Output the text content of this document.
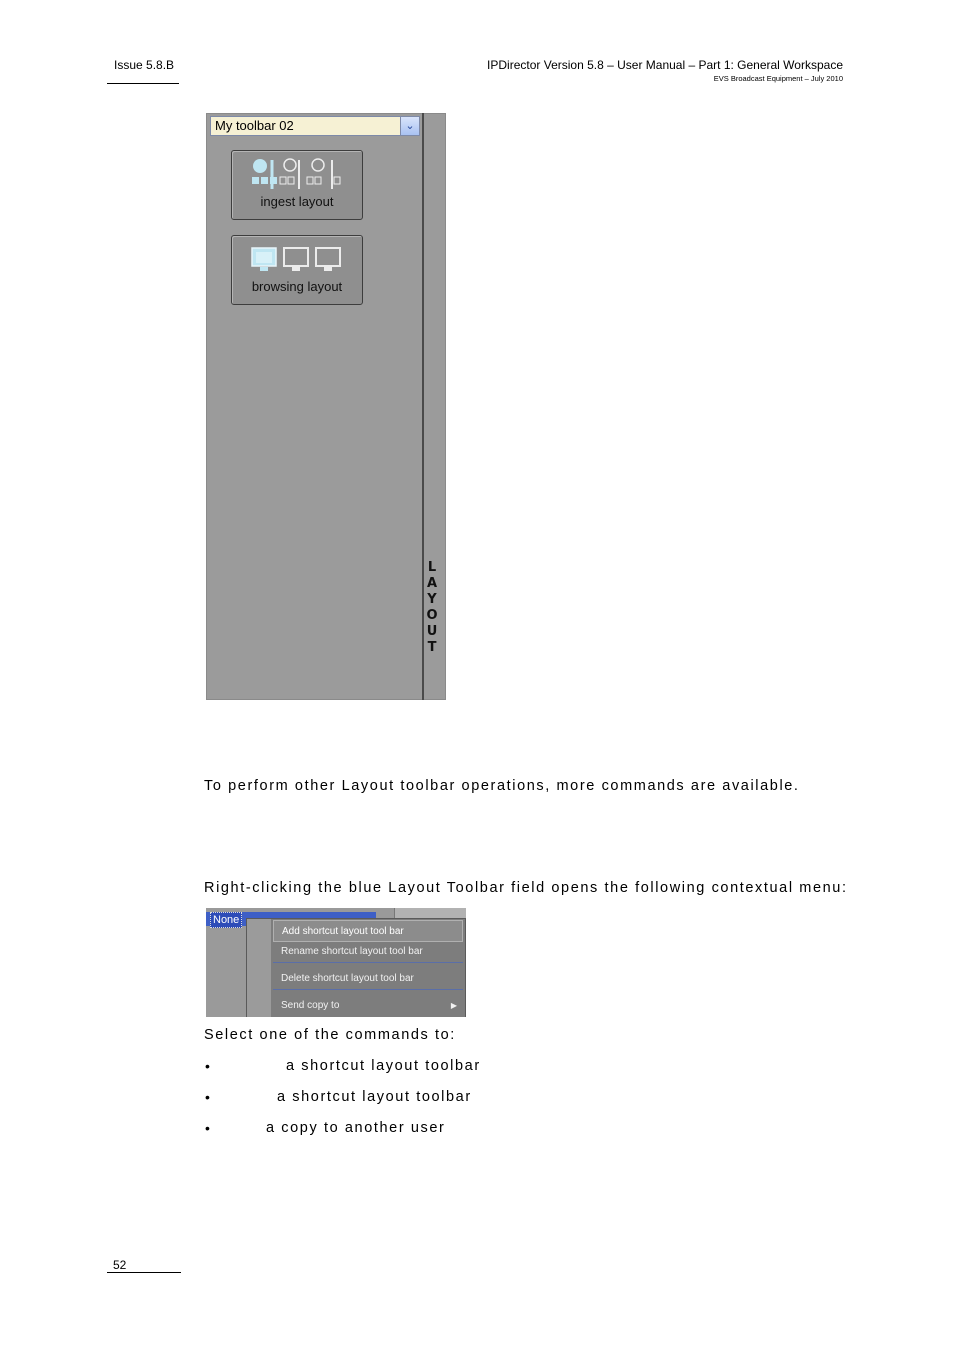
Issue 5.8.B	IPDirector Version 5.8 – User Manual – Part 1: General Workspace
EVS Broadcast Equipment – July 2010
My toolbar 02	⌄
ingest layout
browsing layout
L
A
Y
O
U
T
To perform other Layout toolbar operations, more commands are available.
Right-clicking the blue Layout Toolbar field opens the following contextual menu:
None
Add shortcut layout tool bar
Rename shortcut layout tool bar
Delete shortcut layout tool bar
Send copy to	▶
Select one of the commands to:
•	a shortcut layout toolbar
•	a shortcut layout toolbar
•	a copy to another user
52
